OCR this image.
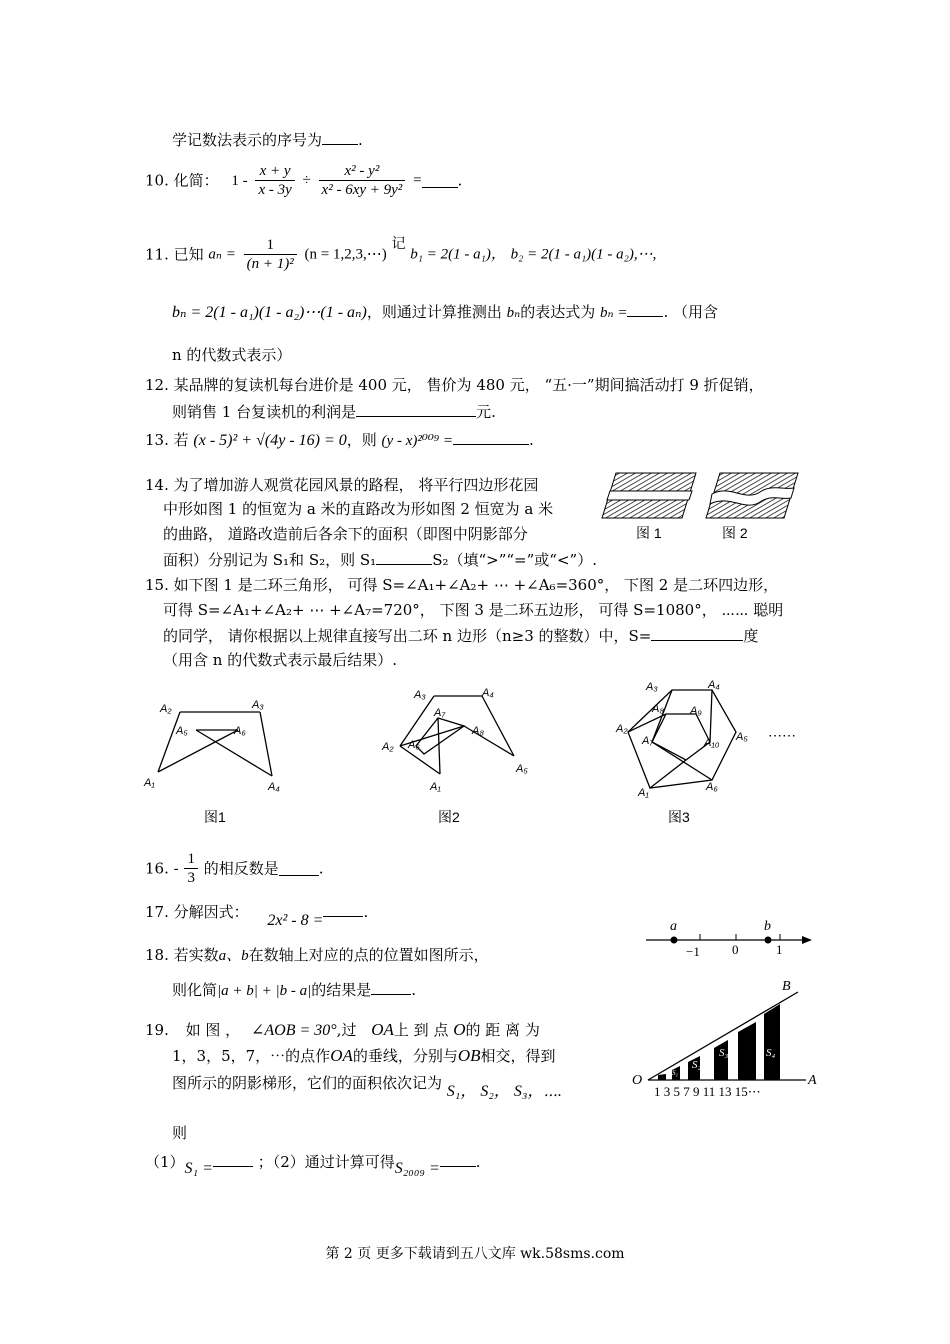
学记数法表示的序号为 .
10. 化简： $1 - \frac{x + y}{x - 3y} \div \frac{\text{x² - y²}}{\text{x² - 6xy + 9y²}}$ = .
11. 已知 $a_n = \frac{1}{\text{(n + 1)²}} (n$ = 1,2,3,⋯) 记 b₁ = 2(1 - a₁)， b₂ = 2(1 - a₁)(1 - a₂),⋯,
bₙ = 2(1 - a₁)(1 - a₂)⋯(1 - aₙ)，则通过计算推测出 bₙ的表达式为 bₙ = . （用含
n 的代数式表示）
12. 某品牌的复读机每台进价是 400 元， 售价为 480 元， “五·一”期间搞活动打 9 折促销，
则销售 1 台复读机的利润是	元.
13. 若 (x - 5)² + √(4y - 16) = 0，则 (y - x)²⁰⁰⁹ =	.
14. 为了增加游人观赏花园风景的路程， 将平行四边形花园
中形如图 1 的恒宽为 a 米的直路改为形如图 2 恒宽为 a 米
的曲路， 道路改造前后各余下的面积（即图中阴影部分
面积）分别记为 S₁和 S₂，则 S₁	S₂（填“>”“=”或“<”）.
图 1	图 2
15. 如下图 1 是二环三角形， 可得 S=∠A₁+∠A₂+ ⋯ +∠A₆=360°， 下图 2 是二环四边形，
可得 S=∠A₁+∠A₂+ ⋯ +∠A₇=720°， 下图 3 是二环五边形， 可得 S=1080°， ⋯⋯ 聪明
的同学， 请你根据以上规律直接写出二环 n 边形（n≥3 的整数）中，S=	度
（用含 n 的代数式表示最后结果）.
A₂	A₃
A₅	A₆
A₁	A₄
图1
A₃	A₄
A₇
A₈
A₂ A₆
A₅
A₁
图2
A₃	A₄
A₈ A₉
A₂
A₇	A₁₀ A₅
A₆
A₁
⋯⋯
图3
16. - $\frac{1}{3}$ 的相反数是	.
17. 分解因式： 2x² - 8 =	.
18. 若实数a、b在数轴上对应的点的位置如图所示，
则化简|a + b| + |b - a|的结果是	.
a	b
−1 0	1
19. 如 图 ， ∠AOB = 30°,过 OA上 到 点 O的 距 离 为
1，3，5，7，⋯的点作OA的垂线，分别与OB相交，得到
图所示的阴影梯形，它们的面积依次记为 S₁， S₂， S₃，⋯.
则
（1）S₁ =	；（2）通过计算可得S₂₀₀₉ = .
B
O	A
1 3 5 7 9 11 13 15⋯
S₂
S₃	S₄
S₁
第 2 页 更多下载请到五八文库 wk.58sms.com
